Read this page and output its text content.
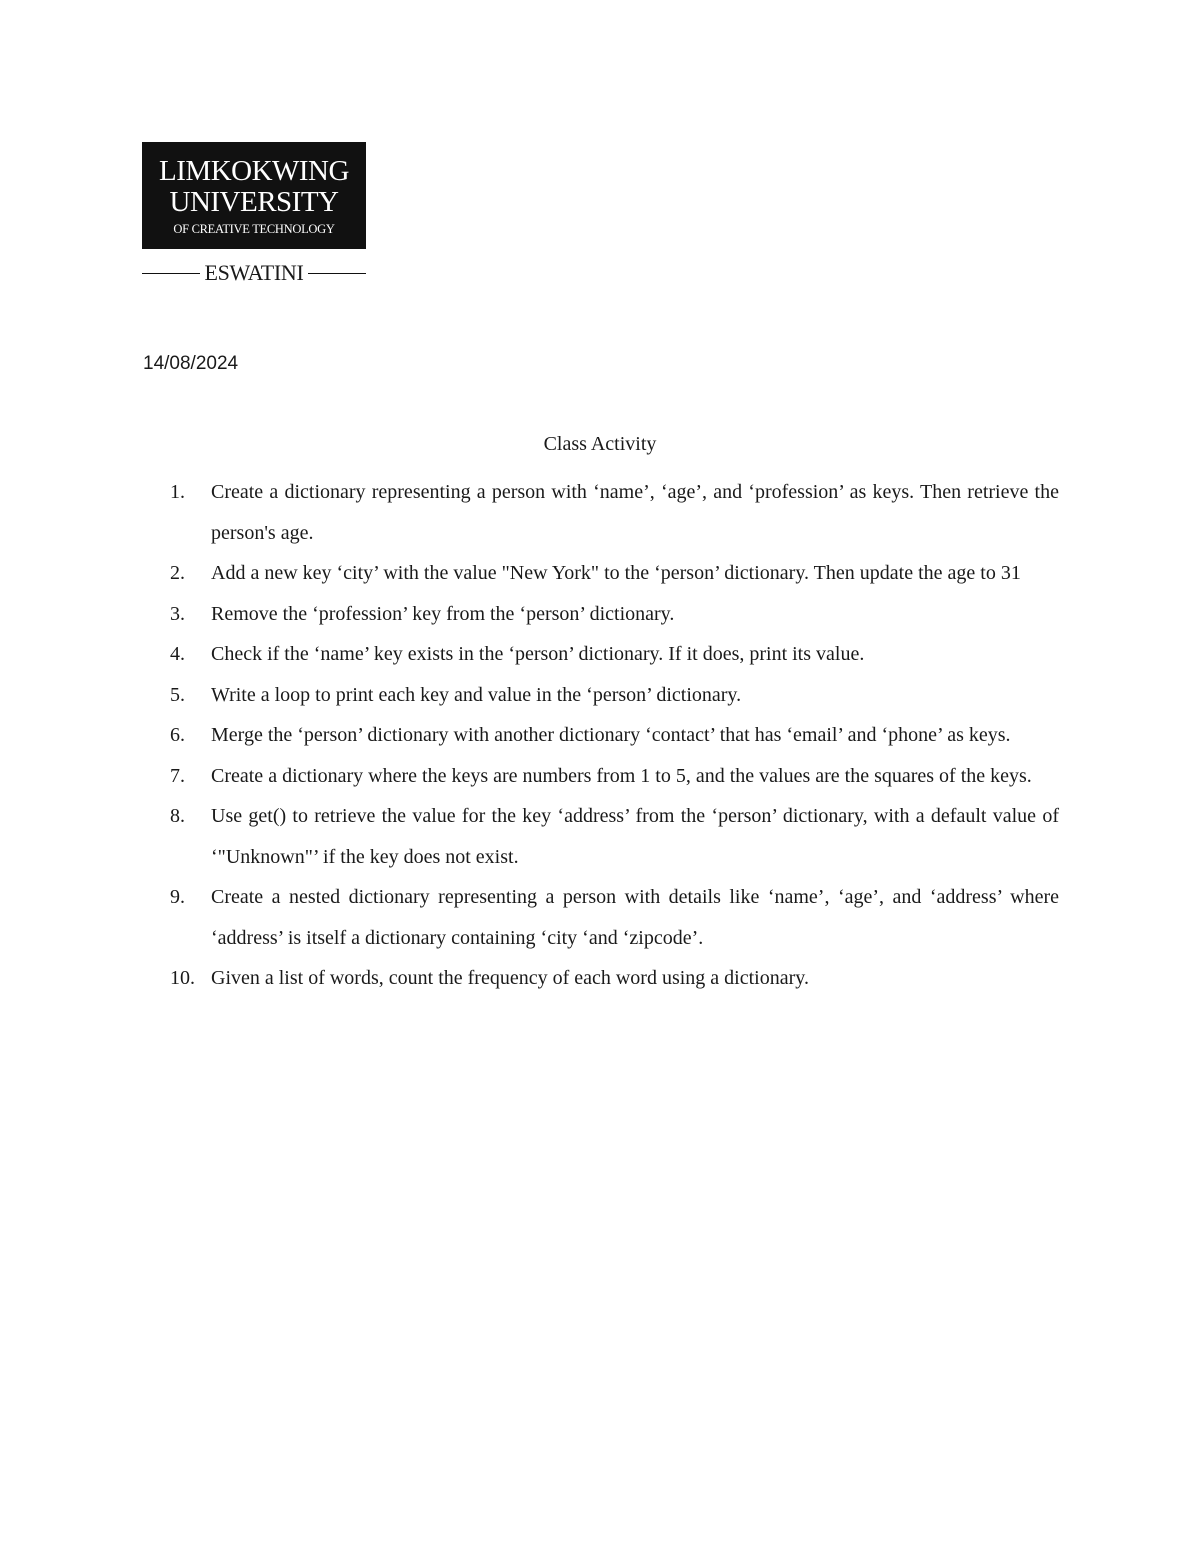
LIMKOKWING
UNIVERSITY
OF CREATIVE TECHNOLOGY
ESWATINI
14/08/2024
Class Activity
1.	Create a dictionary representing a person with ‘name’, ‘age’, and ‘profession’ as keys. Then retrieve the person's age.
2.	Add a new key ‘city’ with the value "New York" to the ‘person’ dictionary. Then update the age to 31
3.	Remove the ‘profession’ key from the ‘person’ dictionary.
4.	Check if the ‘name’ key exists in the ‘person’ dictionary. If it does, print its value.
5.	Write a loop to print each key and value in the ‘person’ dictionary.
6.	Merge the ‘person’ dictionary with another dictionary ‘contact’ that has ‘email’ and ‘phone’ as keys.
7.	Create a dictionary where the keys are numbers from 1 to 5, and the values are the squares of the keys.
8.	Use get() to retrieve the value for the key ‘address’ from the ‘person’ dictionary, with a default value of ‘"Unknown"’ if the key does not exist.
9.	Create a nested dictionary representing a person with details like ‘name’, ‘age’, and ‘address’ where ‘address’ is itself a dictionary containing ‘city ‘and ‘zipcode’.
10. Given a list of words, count the frequency of each word using a dictionary.
